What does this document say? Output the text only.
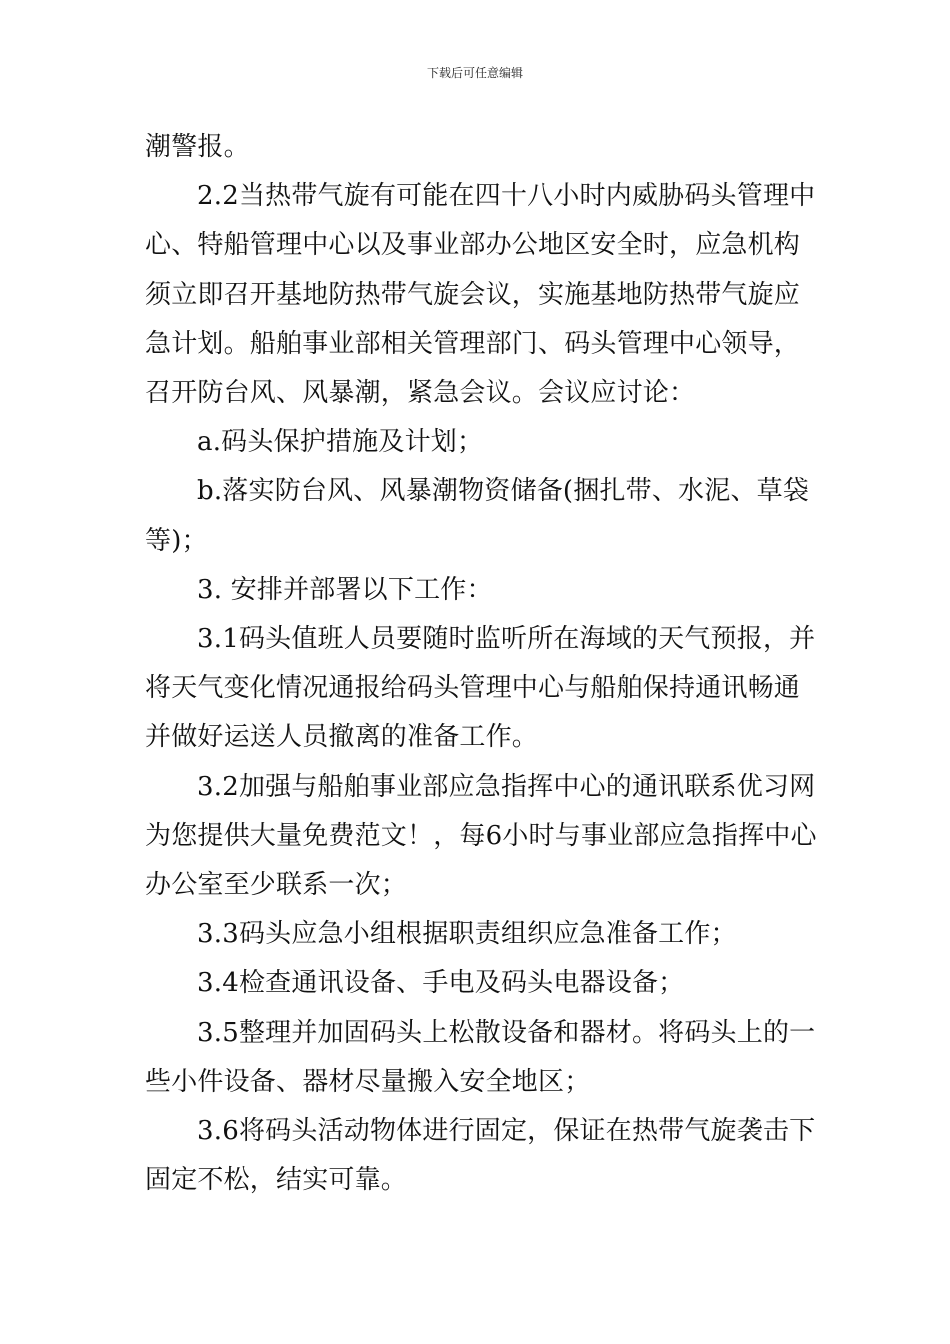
下载后可任意编辑

潮警报。

2.2当热带气旋有可能在四十八小时内威胁码头管理中

心、特船管理中心以及事业部办公地区安全时，应急机构

须立即召开基地防热带气旋会议，实施基地防热带气旋应

急计划。船舶事业部相关管理部门、码头管理中心领导，

召开防台风、风暴潮，紧急会议。会议应讨论：

a.码头保护措施及计划；

b.落实防台风、风暴潮物资储备(捆扎带、水泥、草袋

等)；

3. 安排并部署以下工作：

3.1码头值班人员要随时监听所在海域的天气预报，并

将天气变化情况通报给码头管理中心与船舶保持通讯畅通

并做好运送人员撤离的准备工作。

3.2加强与船舶事业部应急指挥中心的通讯联系优习网

为您提供大量免费范文！，每6小时与事业部应急指挥中心

办公室至少联系一次；

3.3码头应急小组根据职责组织应急准备工作；

3.4检查通讯设备、手电及码头电器设备；

3.5整理并加固码头上松散设备和器材。将码头上的一

些小件设备、器材尽量搬入安全地区；

3.6将码头活动物体进行固定，保证在热带气旋袭击下

固定不松，结实可靠。
